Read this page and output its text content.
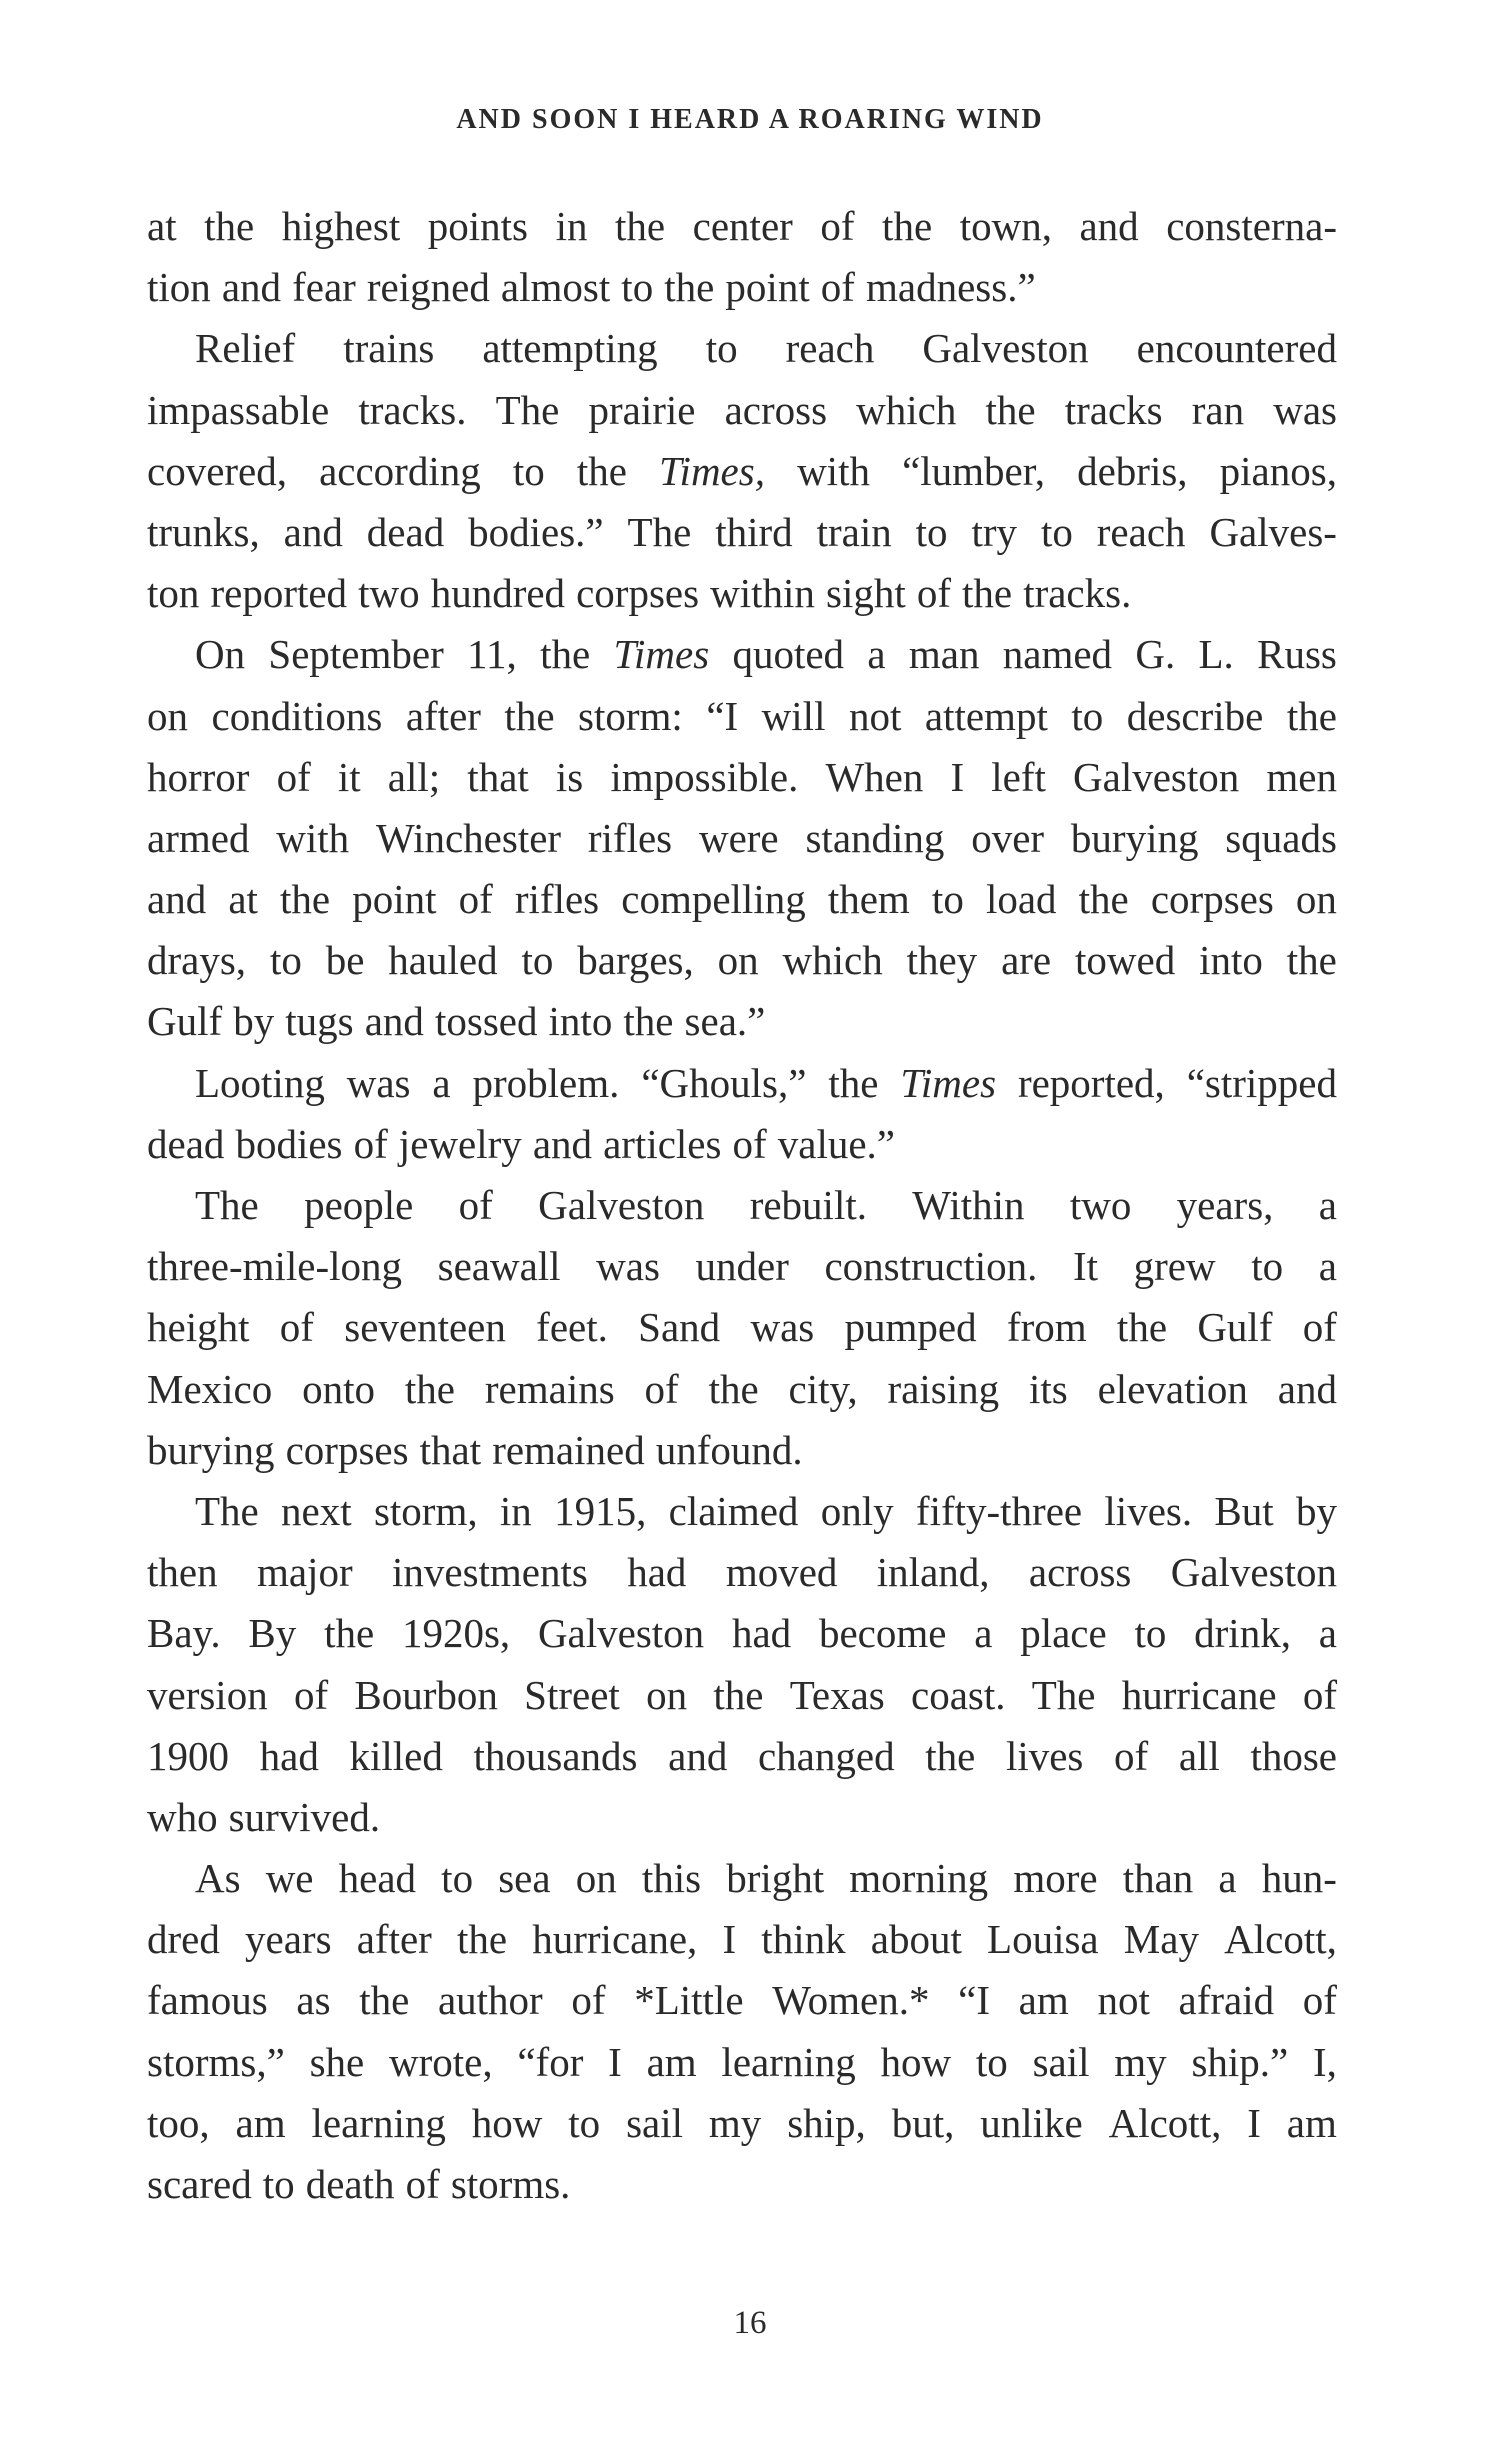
AND SOON I HEARD A ROARING WIND
at the highest points in the center of the town, and consterna-
tion and fear reigned almost to the point of madness.”
Relief trains attempting to reach Galveston encountered
impassable tracks. The prairie across which the tracks ran was
covered, according to the Times, with “lumber, debris, pianos,
trunks, and dead bodies.” The third train to try to reach Galves-
ton reported two hundred corpses within sight of the tracks.
On September 11, the Times quoted a man named G. L. Russ
on conditions after the storm: “I will not attempt to describe the
horror of it all; that is impossible. When I left Galveston men
armed with Winchester rifles were standing over burying squads
and at the point of rifles compelling them to load the corpses on
drays, to be hauled to barges, on which they are towed into the
Gulf by tugs and tossed into the sea.”
Looting was a problem. “Ghouls,” the Times reported, “stripped
dead bodies of jewelry and articles of value.”
The people of Galveston rebuilt. Within two years, a
three-mile-long seawall was under construction. It grew to a
height of seventeen feet. Sand was pumped from the Gulf of
Mexico onto the remains of the city, raising its elevation and
burying corpses that remained unfound.
The next storm, in 1915, claimed only fifty-three lives. But by
then major investments had moved inland, across Galveston
Bay. By the 1920s, Galveston had become a place to drink, a
version of Bourbon Street on the Texas coast. The hurricane of
1900 had killed thousands and changed the lives of all those
who survived.
As we head to sea on this bright morning more than a hun-
dred years after the hurricane, I think about Louisa May Alcott,
famous as the author of *Little Women.* “I am not afraid of
storms,” she wrote, “for I am learning how to sail my ship.” I,
too, am learning how to sail my ship, but, unlike Alcott, I am
scared to death of storms.
16
